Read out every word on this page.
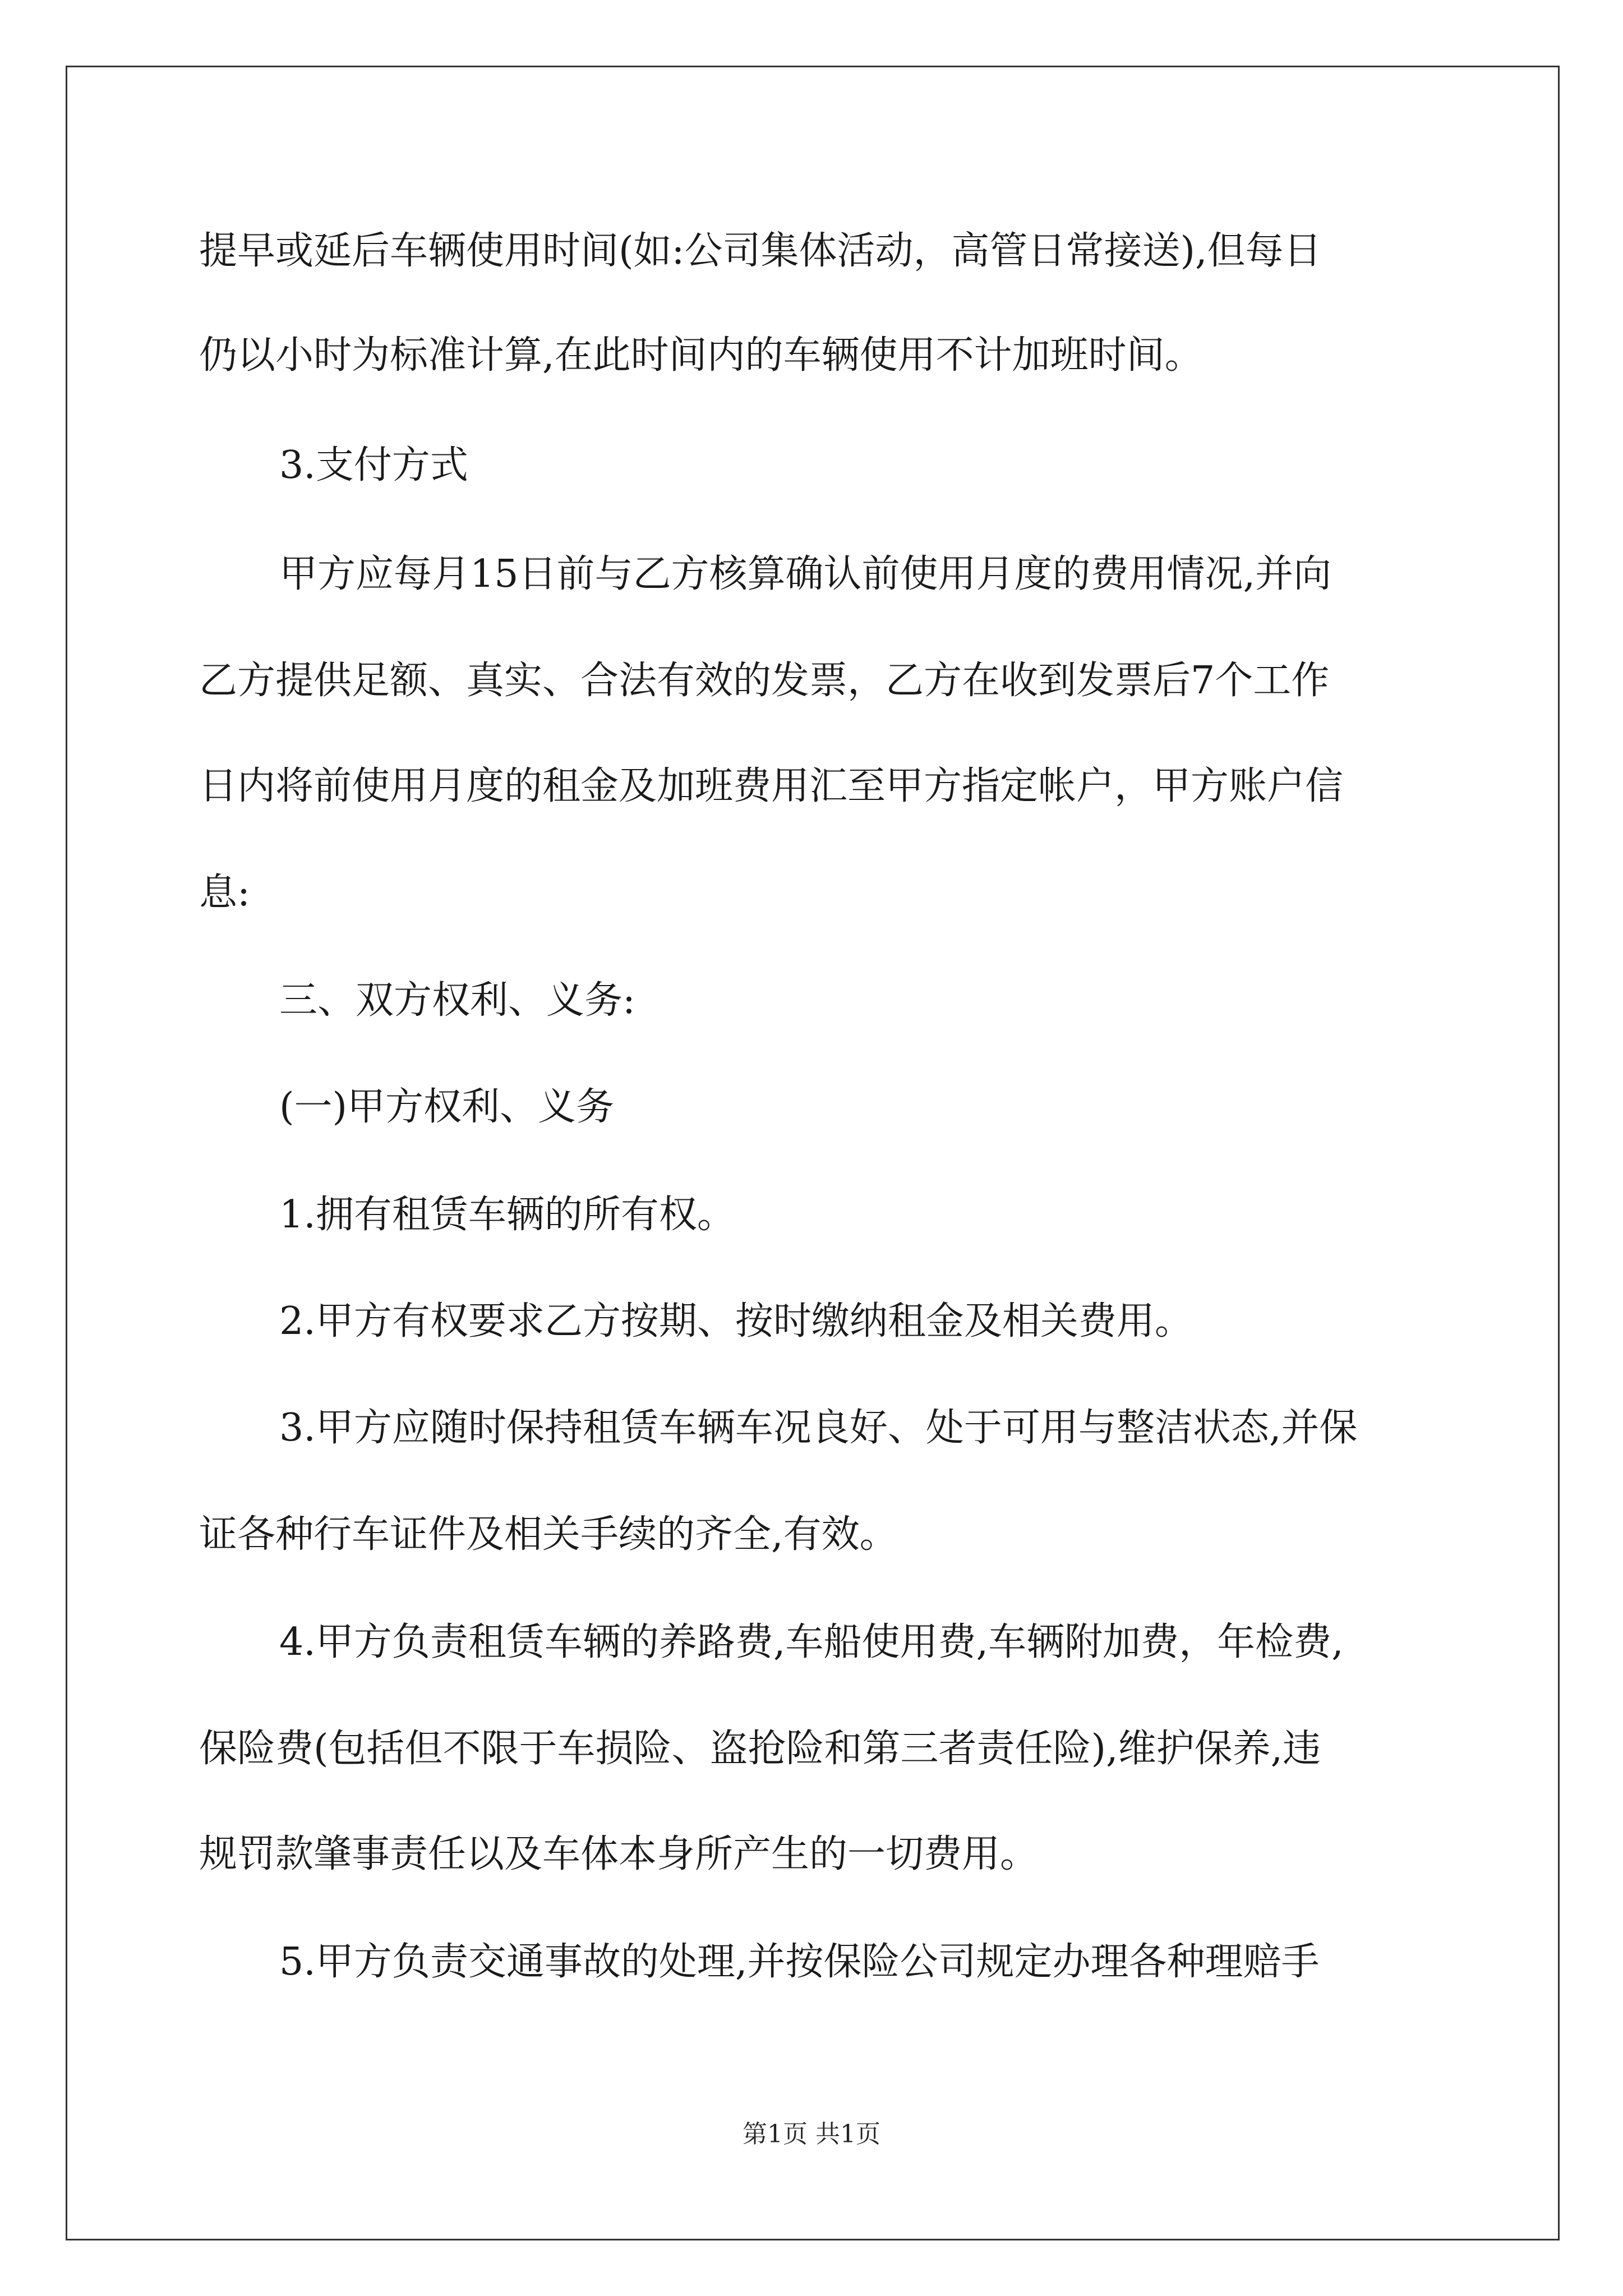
提早或延后车辆使用时间(如:公司集体活动，高管日常接送),但每日
仍以小时为标准计算,在此时间内的车辆使用不计加班时间。
3.支付方式
甲方应每月15日前与乙方核算确认前使用月度的费用情况,并向
乙方提供足额、真实、合法有效的发票，乙方在收到发票后7个工作
日内将前使用月度的租金及加班费用汇至甲方指定帐户，甲方账户信
息:
三、双方权利、义务:
(一)甲方权利、义务
1.拥有租赁车辆的所有权。
2.甲方有权要求乙方按期、按时缴纳租金及相关费用。
3.甲方应随时保持租赁车辆车况良好、处于可用与整洁状态,并保
证各种行车证件及相关手续的齐全,有效。
4.甲方负责租赁车辆的养路费,车船使用费,车辆附加费，年检费,
保险费(包括但不限于车损险、盗抢险和第三者责任险),维护保养,违
规罚款肇事责任以及车体本身所产生的一切费用。
5.甲方负责交通事故的处理,并按保险公司规定办理各种理赔手
第1页 共1页
